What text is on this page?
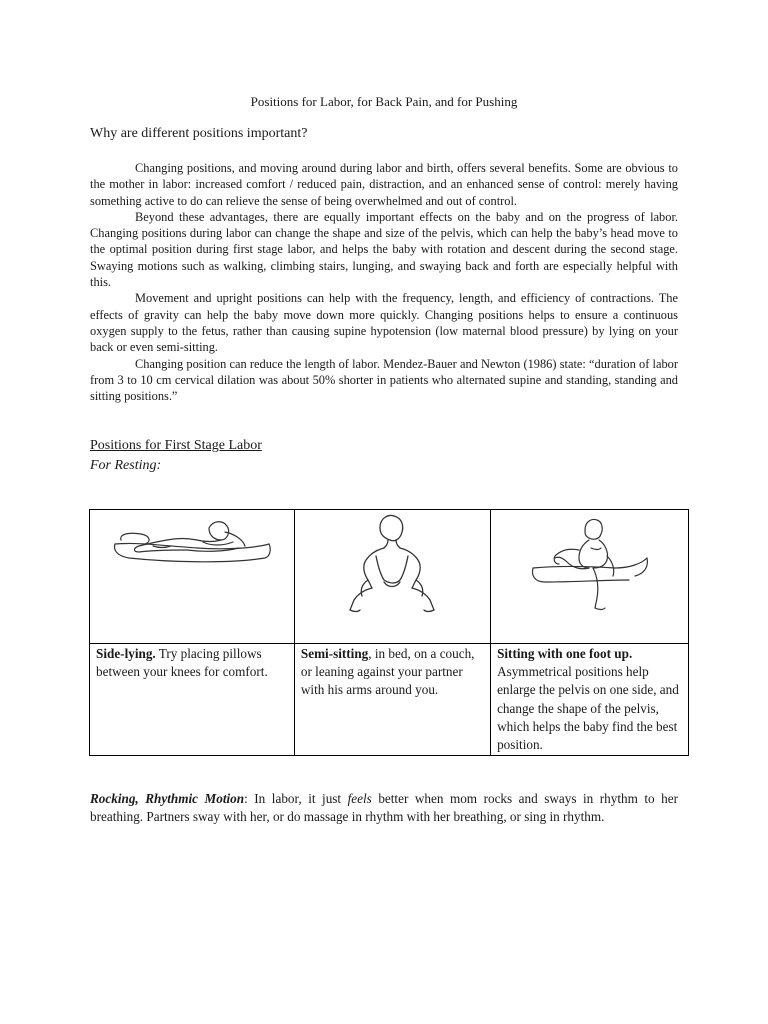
Positions for Labor, for Back Pain, and for Pushing
Why are different positions important?

Changing positions, and moving around during labor and birth, offers several benefits. Some are obvious to the mother in labor: increased comfort / reduced pain, distraction, and an enhanced sense of control: merely having something active to do can relieve the sense of being overwhelmed and out of control.

Beyond these advantages, there are equally important effects on the baby and on the progress of labor. Changing positions during labor can change the shape and size of the pelvis, which can help the baby’s head move to the optimal position during first stage labor, and helps the baby with rotation and descent during the second stage. Swaying motions such as walking, climbing stairs, lunging, and swaying back and forth are especially helpful with this.

Movement and upright positions can help with the frequency, length, and efficiency of contractions. The effects of gravity can help the baby move down more quickly. Changing positions helps to ensure a continuous oxygen supply to the fetus, rather than causing supine hypotension (low maternal blood pressure) by lying on your back or even semi-sitting.

Changing position can reduce the length of labor. Mendez-Bauer and Newton (1986) state: “duration of labor from 3 to 10 cm cervical dilation was about 50% shorter in patients who alternated supine and standing, standing and sitting positions.”

Positions for First Stage Labor
For Resting:

Side-lying. Try placing pillows between your knees for comfort.	Semi-sitting, in bed, on a couch, or leaning against your partner with his arms around you.	Sitting with one foot up. Asymmetrical positions help enlarge the pelvis on one side, and change the shape of the pelvis, which helps the baby find the best position.
Rocking, Rhythmic Motion: In labor, it just feels better when mom rocks and sways in rhythm to her breathing. Partners sway with her, or do massage in rhythm with her breathing, or sing in rhythm.
